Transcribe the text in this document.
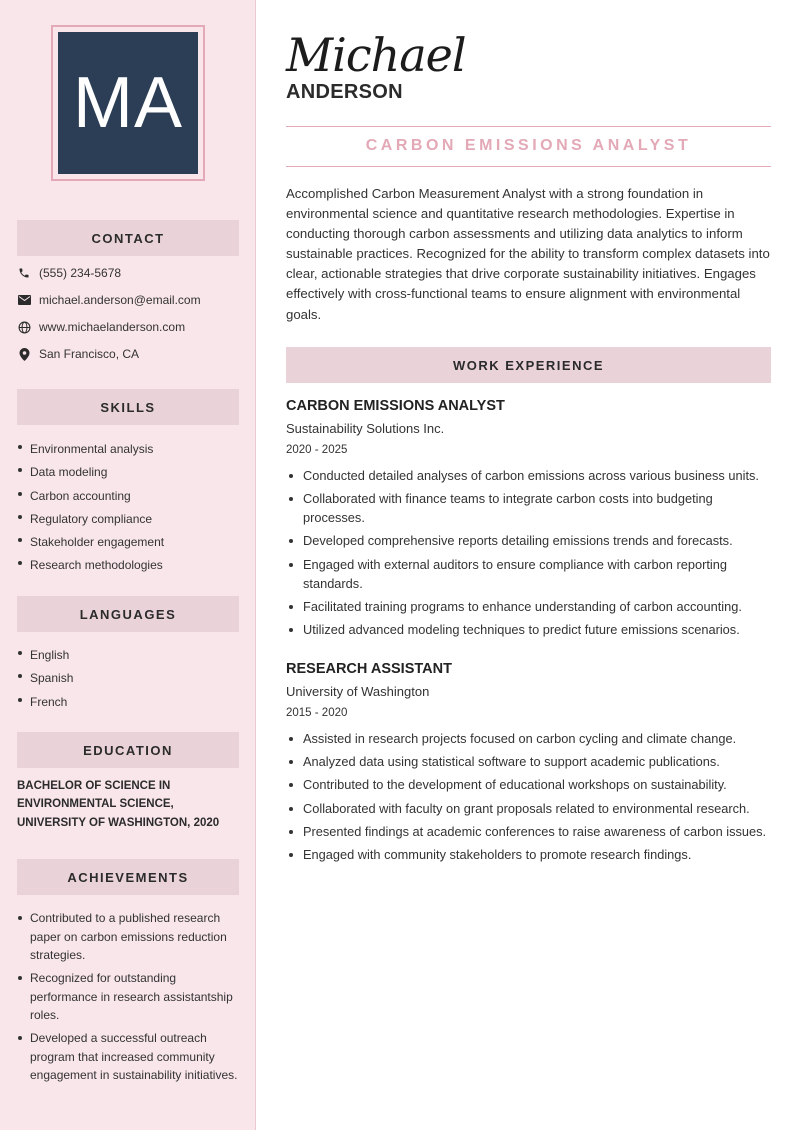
MA
CONTACT
(555) 234-5678
michael.anderson@email.com
www.michaelanderson.com
San Francisco, CA
SKILLS
Environmental analysis
Data modeling
Carbon accounting
Regulatory compliance
Stakeholder engagement
Research methodologies
LANGUAGES
English
Spanish
French
EDUCATION
BACHELOR OF SCIENCE IN ENVIRONMENTAL SCIENCE, UNIVERSITY OF WASHINGTON, 2020
ACHIEVEMENTS
Contributed to a published research paper on carbon emissions reduction strategies.
Recognized for outstanding performance in research assistantship roles.
Developed a successful outreach program that increased community engagement in sustainability initiatives.
Michael
ANDERSON
CARBON EMISSIONS ANALYST
Accomplished Carbon Measurement Analyst with a strong foundation in environmental science and quantitative research methodologies. Expertise in conducting thorough carbon assessments and utilizing data analytics to inform sustainable practices. Recognized for the ability to transform complex datasets into clear, actionable strategies that drive corporate sustainability initiatives. Engages effectively with cross-functional teams to ensure alignment with environmental goals.
WORK EXPERIENCE
CARBON EMISSIONS ANALYST
Sustainability Solutions Inc.
2020 - 2025
Conducted detailed analyses of carbon emissions across various business units.
Collaborated with finance teams to integrate carbon costs into budgeting processes.
Developed comprehensive reports detailing emissions trends and forecasts.
Engaged with external auditors to ensure compliance with carbon reporting standards.
Facilitated training programs to enhance understanding of carbon accounting.
Utilized advanced modeling techniques to predict future emissions scenarios.
RESEARCH ASSISTANT
University of Washington
2015 - 2020
Assisted in research projects focused on carbon cycling and climate change.
Analyzed data using statistical software to support academic publications.
Contributed to the development of educational workshops on sustainability.
Collaborated with faculty on grant proposals related to environmental research.
Presented findings at academic conferences to raise awareness of carbon issues.
Engaged with community stakeholders to promote research findings.
